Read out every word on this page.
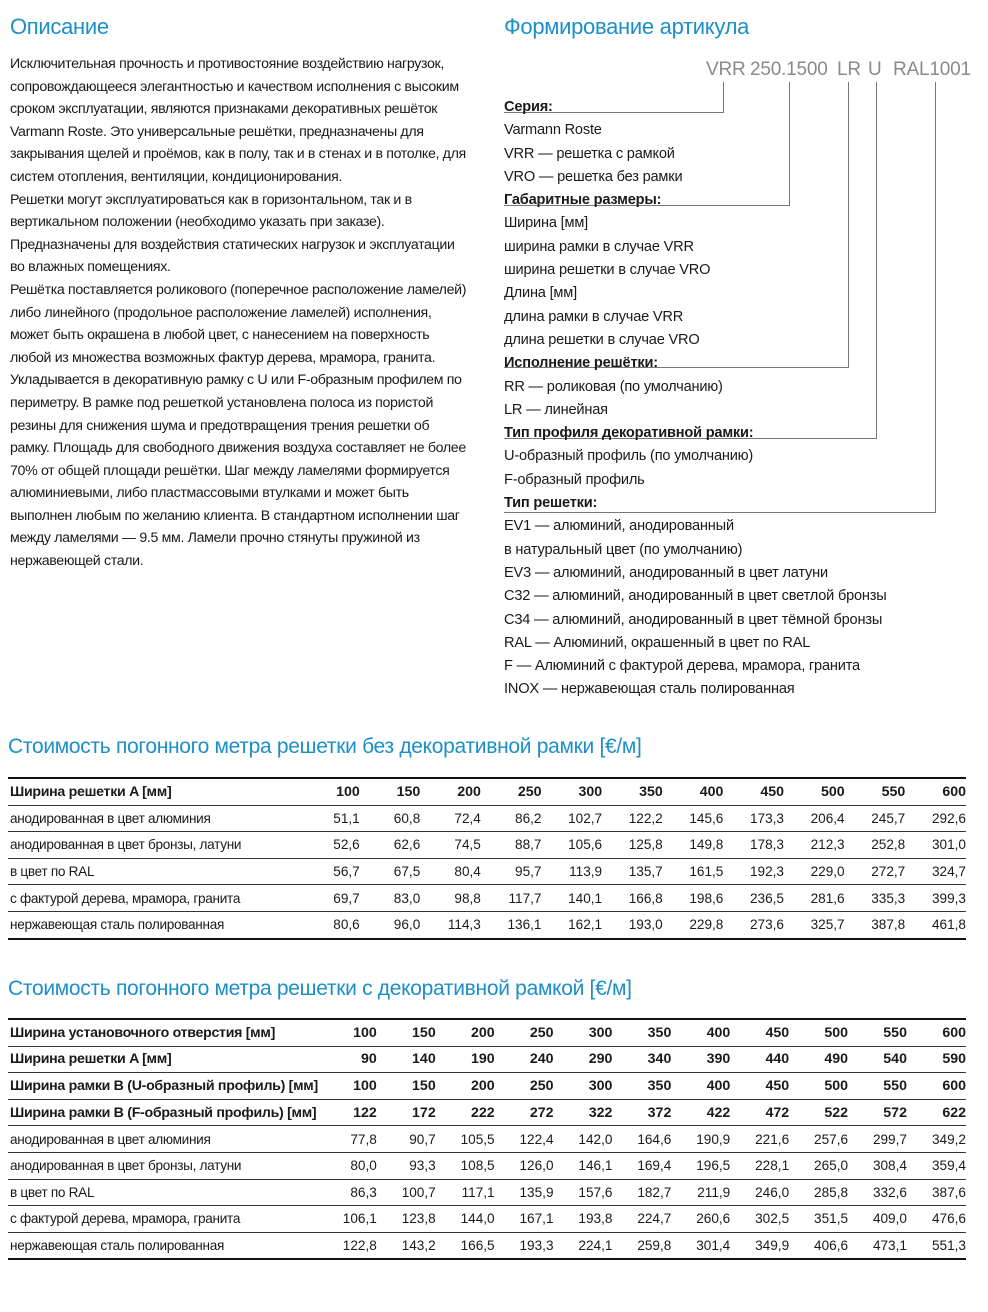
Описание

Исключительная прочность и противостояние воздействию нагрузок, сопровождающееся элегантностью и качеством исполнения с высоким сроком эксплуатации, являются признаками декоративных решёток Varmann Roste. Это универсальные решётки, предназначены для закрывания щелей и проёмов, как в полу, так и в стенах и в потолке, для систем отопления, вентиляции, кондиционирования.

Решетки могут эксплуатироваться как в горизонтальном, так и в вертикальном положении (необходимо указать при заказе). Предназначены для воздействия статических нагрузок и эксплуатации во влажных помещениях.

Решётка поставляется роликового (поперечное расположение ламелей) либо линейного (продольное расположение ламелей) исполнения, может быть окрашена в любой цвет, с нанесением на поверхность любой из множества возможных фактур дерева, мрамора, гранита. Укладывается в декоративную рамку с U или F-образным профилем по периметру. В рамке под решеткой установлена полоса из пористой резины для снижения шума и предотвращения трения решетки об рамку. Площадь для свободного движения воздуха составляет не более 70% от общей площади решётки. Шаг между ламелями формируется алюминиевыми, либо пластмассовыми втулками и может быть выполнен любым по желанию клиента. В стандартном исполнении шаг между ламелями — 9.5 мм. Ламели прочно стянуты пружиной из нержавеющей стали.

Формирование артикула
VRR 250.1500 LR U RAL1001
Серия:
Varmann Roste
VRR — решетка с рамкой
VRO — решетка без рамки
Габаритные размеры:
Ширина [мм]
ширина рамки в случае VRR
ширина решетки в случае VRO
Длина [мм]
длина рамки в случае VRR
длина решетки в случае VRO
Исполнение решётки:
RR — роликовая (по умолчанию)
LR — линейная
Тип профиля декоративной рамки:
U-образный профиль (по умолчанию)
F-образный профиль
Тип решетки:
EV1 — алюминий, анодированный
в натуральный цвет (по умолчанию)
EV3 — алюминий, анодированный в цвет латуни
C32 — алюминий, анодированный в цвет светлой бронзы
C34 — алюминий, анодированный в цвет тёмной бронзы
RAL — Алюминий, окрашенный в цвет по RAL
F — Алюминий с фактурой дерева, мрамора, гранита
INOX — нержавеющая сталь полированная
Стоимость погонного метра решетки без декоративной рамки [€/м]
Ширина решетки A [мм]	100	150	200	250	300	350	400	450	500	550	600
анодированная в цвет алюминия	51,1	60,8	72,4	86,2	102,7	122,2	145,6	173,3	206,4	245,7	292,6
анодированная в цвет бронзы, латуни	52,6	62,6	74,5	88,7	105,6	125,8	149,8	178,3	212,3	252,8	301,0
в цвет по RAL	56,7	67,5	80,4	95,7	113,9	135,7	161,5	192,3	229,0	272,7	324,7
с фактурой дерева, мрамора, гранита	69,7	83,0	98,8	117,7	140,1	166,8	198,6	236,5	281,6	335,3	399,3
нержавеющая сталь полированная	80,6	96,0	114,3	136,1	162,1	193,0	229,8	273,6	325,7	387,8	461,8
Стоимость погонного метра решетки с декоративной рамкой [€/м]
Ширина установочного отверстия [мм]	100	150	200	250	300	350	400	450	500	550	600
Ширина решетки A [мм]	90	140	190	240	290	340	390	440	490	540	590
Ширина рамки B (U-образный профиль) [мм]	100	150	200	250	300	350	400	450	500	550	600
Ширина рамки B (F-образный профиль) [мм]	122	172	222	272	322	372	422	472	522	572	622
анодированная в цвет алюминия	77,8	90,7	105,5	122,4	142,0	164,6	190,9	221,6	257,6	299,7	349,2
анодированная в цвет бронзы, латуни	80,0	93,3	108,5	126,0	146,1	169,4	196,5	228,1	265,0	308,4	359,4
в цвет по RAL	86,3	100,7	117,1	135,9	157,6	182,7	211,9	246,0	285,8	332,6	387,6
с фактурой дерева, мрамора, гранита	106,1	123,8	144,0	167,1	193,8	224,7	260,6	302,5	351,5	409,0	476,6
нержавеющая сталь полированная	122,8	143,2	166,5	193,3	224,1	259,8	301,4	349,9	406,6	473,1	551,3
